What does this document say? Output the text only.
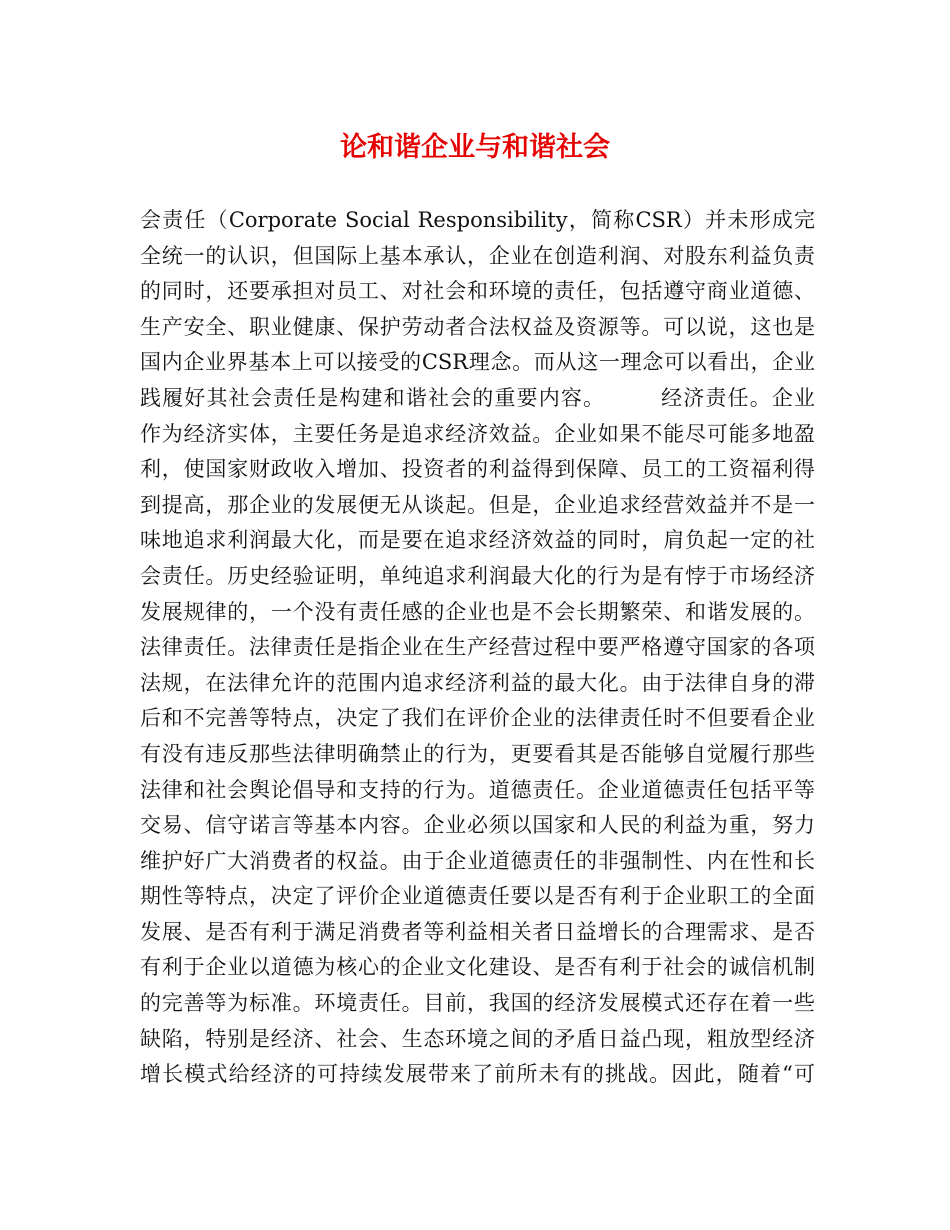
论和谐企业与和谐社会
会责任（Corporate Social Responsibility，简称CSR）并未形成完
全统一的认识，但国际上基本承认，企业在创造利润、对股东利益负责
的同时，还要承担对员工、对社会和环境的责任，包括遵守商业道德、
生产安全、职业健康、保护劳动者合法权益及资源等。可以说，这也是
国内企业界基本上可以接受的CSR理念。而从这一理念可以看出，企业
践履好其社会责任是构建和谐社会的重要内容。　　　经济责任。企业
作为经济实体，主要任务是追求经济效益。企业如果不能尽可能多地盈
利，使国家财政收入增加、投资者的利益得到保障、员工的工资福利得
到提高，那企业的发展便无从谈起。但是，企业追求经营效益并不是一
味地追求利润最大化，而是要在追求经济效益的同时，肩负起一定的社
会责任。历史经验证明，单纯追求利润最大化的行为是有悖于市场经济
发展规律的，一个没有责任感的企业也是不会长期繁荣、和谐发展的。
法律责任。法律责任是指企业在生产经营过程中要严格遵守国家的各项
法规，在法律允许的范围内追求经济利益的最大化。由于法律自身的滞
后和不完善等特点，决定了我们在评价企业的法律责任时不但要看企业
有没有违反那些法律明确禁止的行为，更要看其是否能够自觉履行那些
法律和社会舆论倡导和支持的行为。道德责任。企业道德责任包括平等
交易、信守诺言等基本内容。企业必须以国家和人民的利益为重，努力
维护好广大消费者的权益。由于企业道德责任的非强制性、内在性和长
期性等特点，决定了评价企业道德责任要以是否有利于企业职工的全面
发展、是否有利于满足消费者等利益相关者日益增长的合理需求、是否
有利于企业以道德为核心的企业文化建设、是否有利于社会的诚信机制
的完善等为标准。环境责任。目前，我国的经济发展模式还存在着一些
缺陷，特别是经济、社会、生态环境之间的矛盾日益凸现，粗放型经济
增长模式给经济的可持续发展带来了前所未有的挑战。因此，随着“可
